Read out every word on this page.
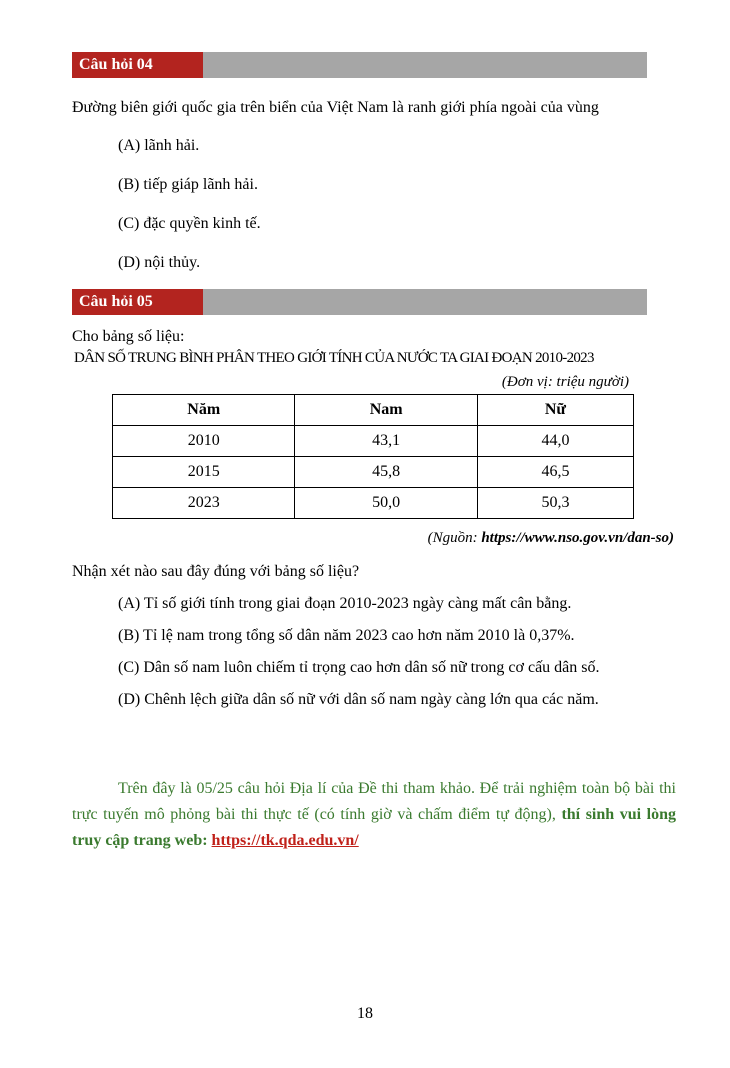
Câu hỏi 04
Đường biên giới quốc gia trên biển của Việt Nam là ranh giới phía ngoài của vùng
(A) lãnh hải.
(B) tiếp giáp lãnh hải.
(C) đặc quyền kinh tế.
(D) nội thủy.
Câu hỏi 05
Cho bảng số liệu:
DÂN SỐ TRUNG BÌNH PHÂN THEO GIỚI TÍNH CỦA NƯỚC TA GIAI ĐOẠN 2010-2023
(Đơn vị: triệu người)
Năm	Nam	Nữ
2010	43,1	44,0
2015	45,8	46,5
2023	50,0	50,3
(Nguồn: https://www.nso.gov.vn/dan-so)
Nhận xét nào sau đây đúng với bảng số liệu?
(A) Tỉ số giới tính trong giai đoạn 2010-2023 ngày càng mất cân bằng.
(B) Tỉ lệ nam trong tổng số dân năm 2023 cao hơn năm 2010 là 0,37%.
(C) Dân số nam luôn chiếm tỉ trọng cao hơn dân số nữ trong cơ cấu dân số.
(D) Chênh lệch giữa dân số nữ với dân số nam ngày càng lớn qua các năm.
Trên đây là 05/25 câu hỏi Địa lí của Đề thi tham khảo. Để trải nghiệm toàn bộ bài thi trực tuyến mô phỏng bài thi thực tế (có tính giờ và chấm điểm tự động), thí sinh vui lòng truy cập trang web: https://tk.qda.edu.vn/
18
